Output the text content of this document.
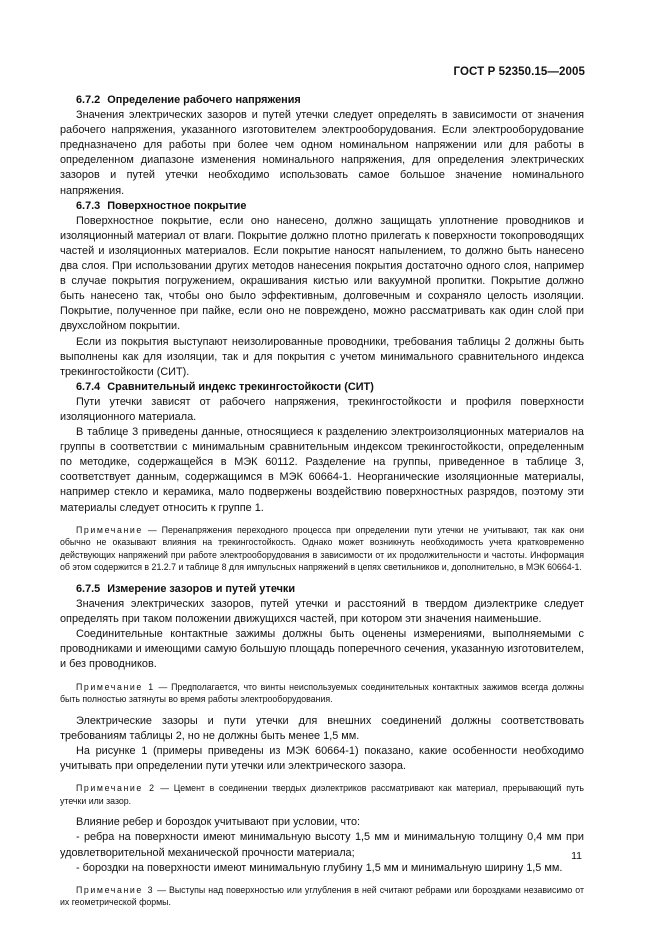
ГОСТ Р 52350.15—2005

6.7.2 Определение рабочего напряжения

Значения электрических зазоров и путей утечки следует определять в зависимости от значения рабочего напряжения, указанного изготовителем электрооборудования. Если электрооборудование предназначено для работы при более чем одном номинальном напряжении или для работы в определенном диапазоне изменения номинального напряжения, для определения электрических зазоров и путей утечки необходимо использовать самое большое значение номинального напряжения.

6.7.3 Поверхностное покрытие

Поверхностное покрытие, если оно нанесено, должно защищать уплотнение проводников и изоляционный материал от влаги. Покрытие должно плотно прилегать к поверхности токопроводящих частей и изоляционных материалов. Если покрытие наносят напылением, то должно быть нанесено два слоя. При использовании других методов нанесения покрытия достаточно одного слоя, например в случае покрытия погружением, окрашивания кистью или вакуумной пропитки. Покрытие должно быть нанесено так, чтобы оно было эффективным, долговечным и сохраняло целость изоляции. Покрытие, полученное при пайке, если оно не повреждено, можно рассматривать как один слой при двухслойном покрытии.

Если из покрытия выступают неизолированные проводники, требования таблицы 2 должны быть выполнены как для изоляции, так и для покрытия с учетом минимального сравнительного индекса трекингостойкости (СИТ).

6.7.4 Сравнительный индекс трекингостойкости (СИТ)

Пути утечки зависят от рабочего напряжения, трекингостойкости и профиля поверхности изоляционного материала.

В таблице 3 приведены данные, относящиеся к разделению электроизоляционных материалов на группы в соответствии с минимальным сравнительным индексом трекингостойкости, определенным по методике, содержащейся в МЭК 60112. Разделение на группы, приведенное в таблице 3, соответствует данным, содержащимся в МЭК 60664-1. Неорганические изоляционные материалы, например стекло и керамика, мало подвержены воздействию поверхностных разрядов, поэтому эти материалы следует относить к группе 1.

Примечание — Перенапряжения переходного процесса при определении пути утечки не учитывают, так как они обычно не оказывают влияния на трекингостойкость. Однако может возникнуть необходимость учета кратковременно действующих напряжений при работе электрооборудования в зависимости от их продолжительности и частоты. Информация об этом содержится в 21.2.7 и таблице 8 для импульсных напряжений в цепях светильников и, дополнительно, в МЭК 60664-1.

6.7.5 Измерение зазоров и путей утечки

Значения электрических зазоров, путей утечки и расстояний в твердом диэлектрике следует определять при таком положении движущихся частей, при котором эти значения наименьшие.

Соединительные контактные зажимы должны быть оценены измерениями, выполняемыми с проводниками и имеющими самую большую площадь поперечного сечения, указанную изготовителем, и без проводников.

Примечание 1 — Предполагается, что винты неиспользуемых соединительных контактных зажимов всегда должны быть полностью затянуты во время работы электрооборудования.

Электрические зазоры и пути утечки для внешних соединений должны соответствовать требованиям таблицы 2, но не должны быть менее 1,5 мм.

На рисунке 1 (примеры приведены из МЭК 60664-1) показано, какие особенности необходимо учитывать при определении пути утечки или электрического зазора.

Примечание 2 — Цемент в соединении твердых диэлектриков рассматривают как материал, прерывающий путь утечки или зазор.

Влияние ребер и бороздок учитывают при условии, что:

- ребра на поверхности имеют минимальную высоту 1,5 мм и минимальную толщину 0,4 мм при удовлетворительной механической прочности материала;

- бороздки на поверхности имеют минимальную глубину 1,5 мм и минимальную ширину 1,5 мм.

Примечание 3 — Выступы над поверхностью или углубления в ней считают ребрами или бороздками независимо от их геометрической формы.

11
